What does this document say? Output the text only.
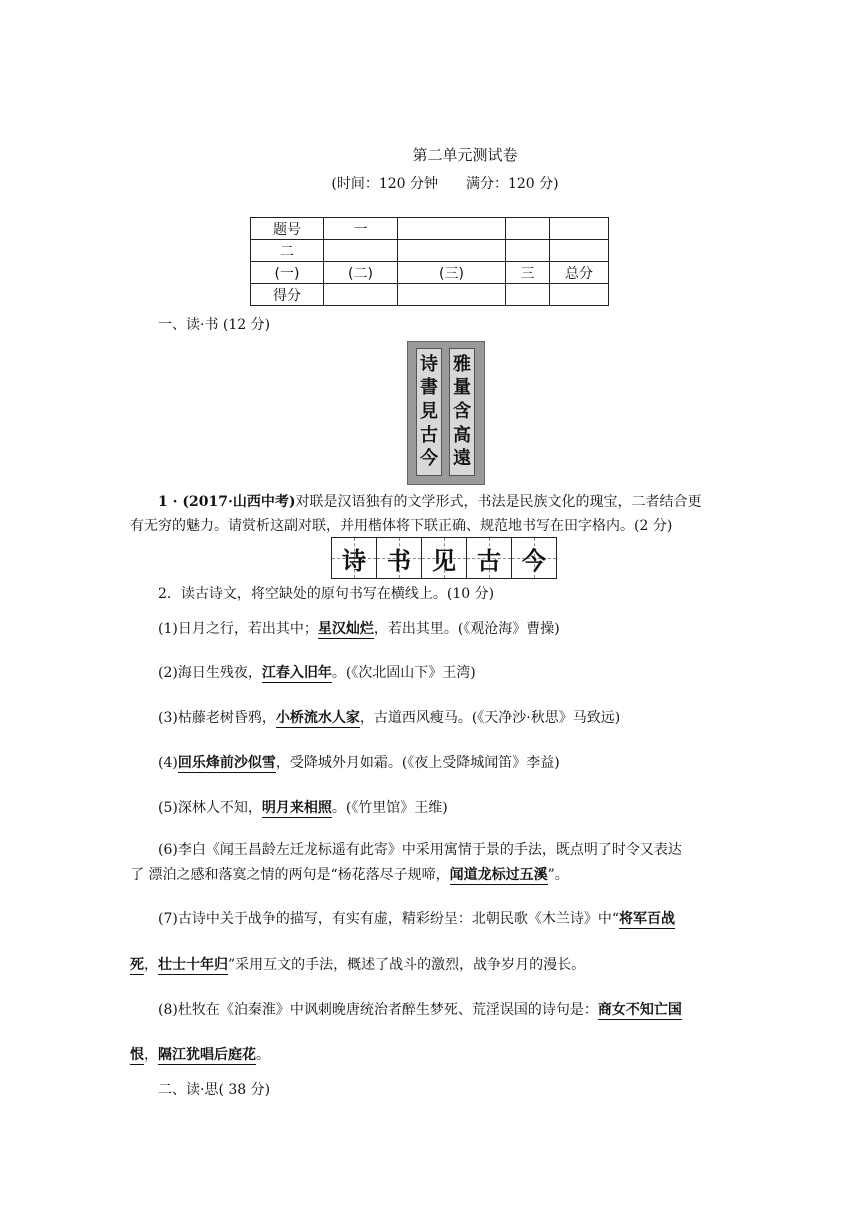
第二单元测试卷
(时间：120 分钟　　满分：120 分)
题号	一			
二				
(一)	(二)	(三)	三	总分
得分				
一、读·书 (12 分)
诗
書
見
古
今
雅
量
含
高
遠
1 · (2017·山西中考)对联是汉语独有的文学形式，书法是民族文化的瑰宝，二者结合更
有无穷的魅力。请赏析这副对联，并用楷体将下联正确、规范地书写在田字格内。(2 分)
诗 书 见 古 今
2．读古诗文，将空缺处的原句书写在横线上。(10 分)
(1)日月之行，若出其中；星汉灿烂，若出其里。(《观沧海》曹操)
(2)海日生残夜，江春入旧年。(《次北固山下》王湾)
(3)枯藤老树昏鸦，小桥流水人家，古道西风瘦马。(《天净沙·秋思》马致远)
(4)回乐烽前沙似雪，受降城外月如霜。(《夜上受降城闻笛》李益)
(5)深林人不知，明月来相照。(《竹里馆》王维)
(6)李白《闻王昌龄左迁龙标遥有此寄》中采用寓情于景的手法，既点明了时令又表达
了 漂泊之感和落寞之情的两句是“杨花落尽子规啼，闻道龙标过五溪”。
(7)古诗中关于战争的描写，有实有虚，精彩纷呈：北朝民歌《木兰诗》中“将军百战
死，壮士十年归”采用互文的手法，概述了战斗的激烈，战争岁月的漫长。
(8)杜牧在《泊秦淮》中讽刺晚唐统治者醉生梦死、荒淫误国的诗句是：商女不知亡国
恨，隔江犹唱后庭花。
二、读·思( 38 分)
